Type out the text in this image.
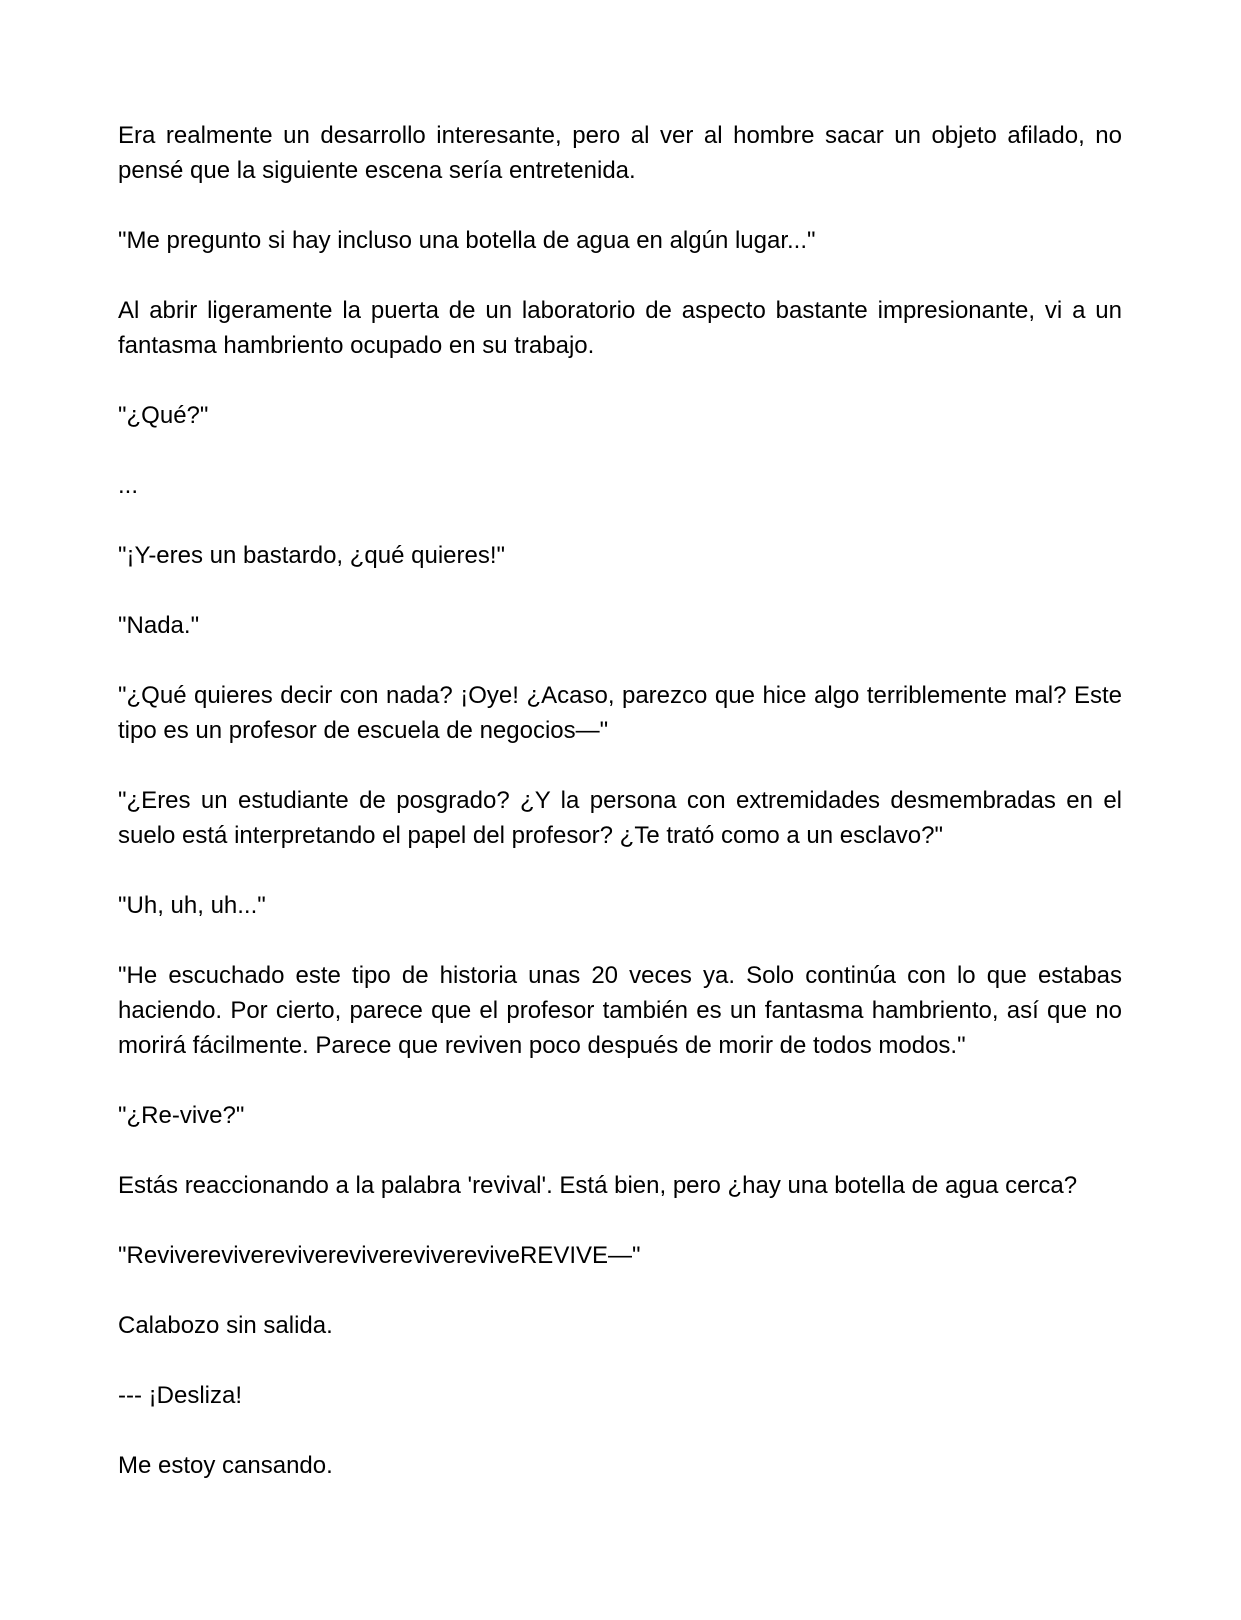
Era realmente un desarrollo interesante, pero al ver al hombre sacar un objeto afilado, no pensé que la siguiente escena sería entretenida.

"Me pregunto si hay incluso una botella de agua en algún lugar..."

Al abrir ligeramente la puerta de un laboratorio de aspecto bastante impresionante, vi a un fantasma hambriento ocupado en su trabajo.

"¿Qué?"

...

"¡Y-eres un bastardo, ¿qué quieres!"

"Nada."

"¿Qué quieres decir con nada? ¡Oye! ¿Acaso, parezco que hice algo terriblemente mal? Este tipo es un profesor de escuela de negocios—"

"¿Eres un estudiante de posgrado? ¿Y la persona con extremidades desmembradas en el suelo está interpretando el papel del profesor? ¿Te trató como a un esclavo?"

"Uh, uh, uh..."

"He escuchado este tipo de historia unas 20 veces ya. Solo continúa con lo que estabas haciendo. Por cierto, parece que el profesor también es un fantasma hambriento, así que no morirá fácilmente. Parece que reviven poco después de morir de todos modos."

"¿Re-vive?"

Estás reaccionando a la palabra 'revival'. Está bien, pero ¿hay una botella de agua cerca?

"RevivereviverevivereviverevivereviveREVIVE—"

Calabozo sin salida.

--- ¡Desliza!

Me estoy cansando.
